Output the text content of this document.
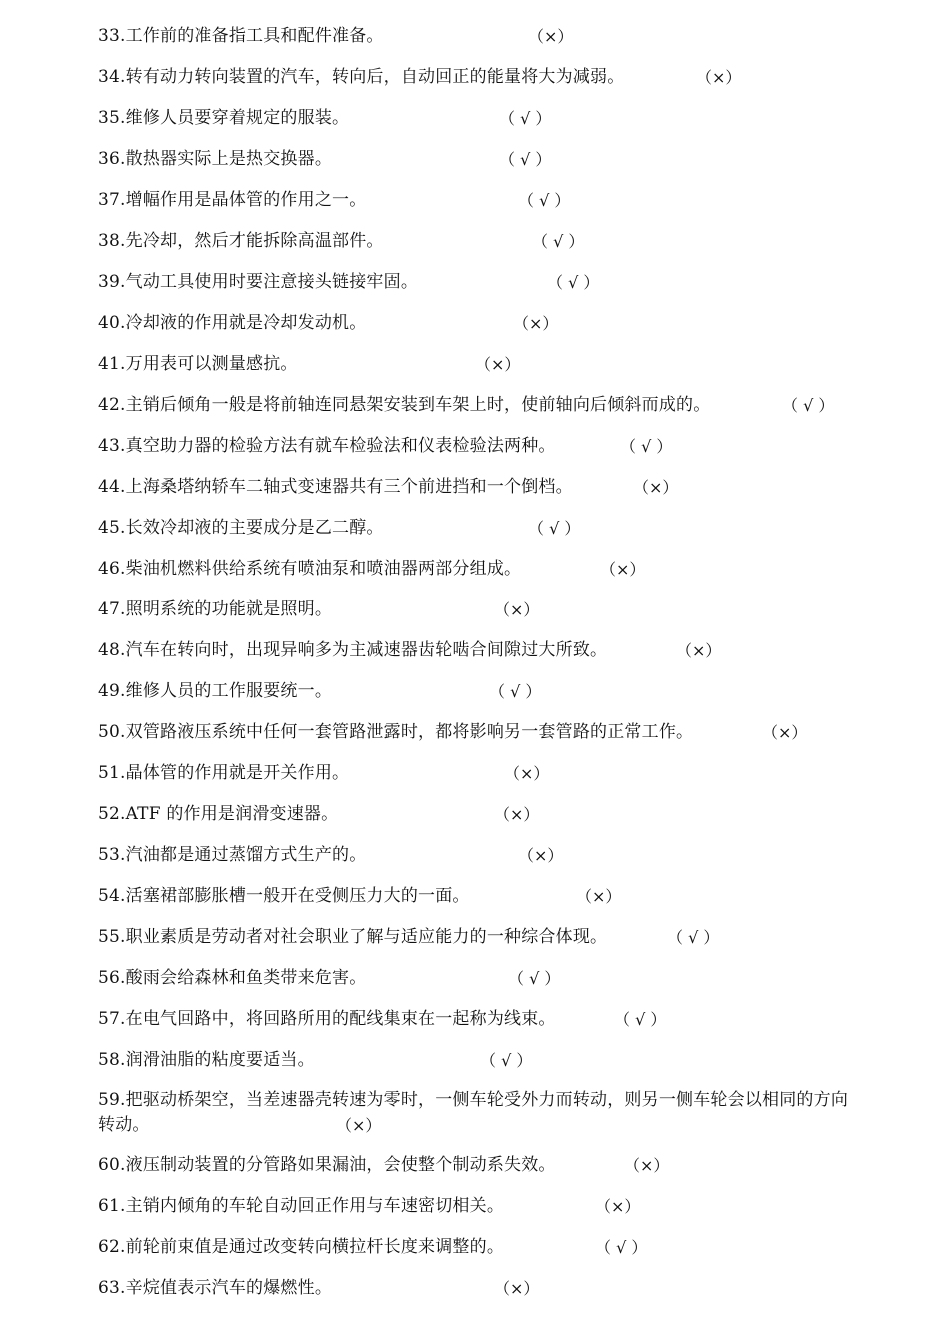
33.工作前的准备指工具和配件准备。	（×）
34.转有动力转向装置的汽车，转向后，自动回正的能量将大为减弱。	（×）
35.维修人员要穿着规定的服装。	（ √ ）
36.散热器实际上是热交换器。	（ √ ）
37.增幅作用是晶体管的作用之一。	（ √ ）
38.先冷却，然后才能拆除高温部件。	（ √ ）
39.气动工具使用时要注意接头链接牢固。	（ √ ）
40.冷却液的作用就是冷却发动机。	（×）
41.万用表可以测量感抗。	（×）
42.主销后倾角一般是将前轴连同悬架安装到车架上时，使前轴向后倾斜而成的。	（ √ ）
43.真空助力器的检验方法有就车检验法和仪表检验法两种。	（ √ ）
44.上海桑塔纳轿车二轴式变速器共有三个前进挡和一个倒档。	（×）
45.长效冷却液的主要成分是乙二醇。	（ √ ）
46.柴油机燃料供给系统有喷油泵和喷油器两部分组成。	（×）
47.照明系统的功能就是照明。	（×）
48.汽车在转向时，出现异响多为主减速器齿轮啮合间隙过大所致。	（×）
49.维修人员的工作服要统一。	（ √ ）
50.双管路液压系统中任何一套管路泄露时，都将影响另一套管路的正常工作。	（×）
51.晶体管的作用就是开关作用。	（×）
52.ATF 的作用是润滑变速器。	（×）
53.汽油都是通过蒸馏方式生产的。	（×）
54.活塞裙部膨胀槽一般开在受侧压力大的一面。	（×）
55.职业素质是劳动者对社会职业了解与适应能力的一种综合体现。	（ √ ）
56.酸雨会给森林和鱼类带来危害。	（ √ ）
57.在电气回路中，将回路所用的配线集束在一起称为线束。	（ √ ）
58.润滑油脂的粘度要适当。	（ √ ）
59.把驱动桥架空，当差速器壳转速为零时，一侧车轮受外力而转动，则另一侧车轮会以相同的方向转动。	（×）
60.液压制动装置的分管路如果漏油，会使整个制动系失效。	（×）
61.主销内倾角的车轮自动回正作用与车速密切相关。	（×）
62.前轮前束值是通过改变转向横拉杆长度来调整的。	（ √ ）
63.辛烷值表示汽车的爆燃性。	（×）
